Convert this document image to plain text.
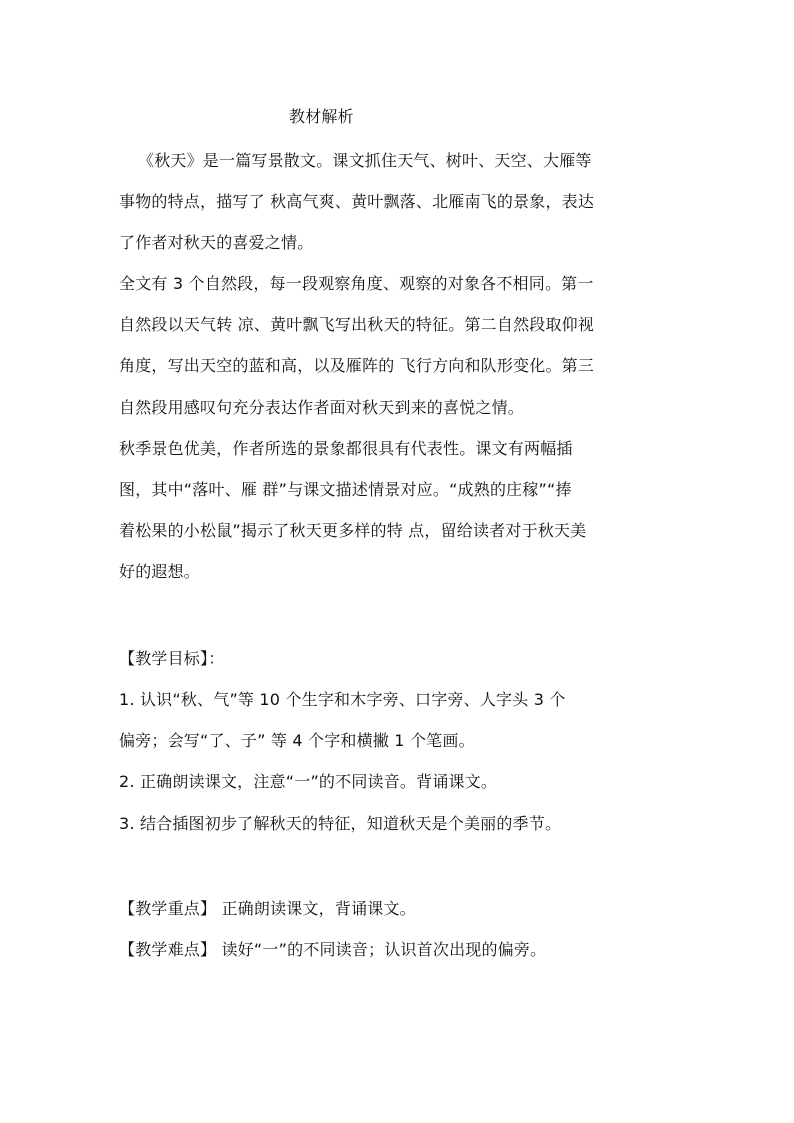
教材解析
《秋天》是一篇写景散文。课文抓住天气、树叶、天空、大雁等
事物的特点，描写了 秋高气爽、黄叶飘落、北雁南飞的景象，表达
了作者对秋天的喜爱之情。
全文有 3 个自然段，每一段观察角度、观察的对象各不相同。第一
自然段以天气转 凉、黄叶飘飞写出秋天的特征。第二自然段取仰视
角度，写出天空的蓝和高，以及雁阵的 飞行方向和队形变化。第三
自然段用感叹句充分表达作者面对秋天到来的喜悦之情。
秋季景色优美，作者所选的景象都很具有代表性。课文有两幅插
图，其中“落叶、雁 群”与课文描述情景对应。“成熟的庄稼”“捧
着松果的小松鼠”揭示了秋天更多样的特 点，留给读者对于秋天美
好的遐想。
【教学目标】：
1. 认识“秋、气”等 10 个生字和木字旁、口字旁、人字头 3 个
偏旁；会写“了、子” 等 4 个字和横撇 1 个笔画。
2. 正确朗读课文，注意“一”的不同读音。背诵课文。
3. 结合插图初步了解秋天的特征，知道秋天是个美丽的季节。
【教学重点】 正确朗读课文，背诵课文。
【教学难点】 读好“一”的不同读音；认识首次出现的偏旁。
